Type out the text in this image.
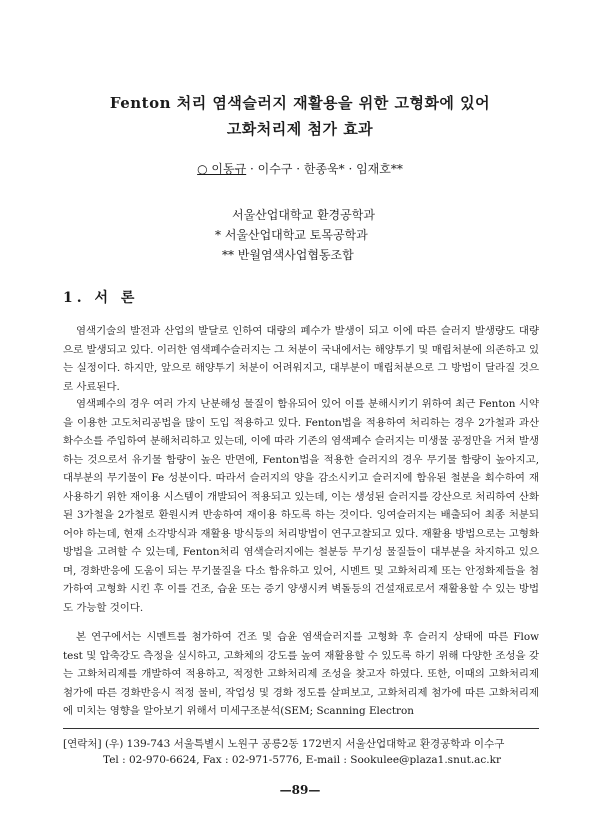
Fenton 처리 염색슬러지 재활용을 위한 고형화에 있어
고화처리제 첨가 효과
○ 이동규 · 이수구 · 한종욱* · 임재호**
서울산업대학교 환경공학과
* 서울산업대학교 토목공학과
** 반월염색사업협동조합
1. 서 론

염색기술의 발전과 산업의 발달로 인하여 대량의 폐수가 발생이 되고 이에 따른 슬러지 발생량도 대량으로 발생되고 있다. 이러한 염색폐수슬러지는 그 처분이 국내에서는 해양투기 및 매립처분에 의존하고 있는 실정이다. 하지만, 앞으로 해양투기 처분이 어려워지고, 대부분이 매립처분으로 그 방법이 달라질 것으로 사료된다.

염색폐수의 경우 여러 가지 난분해성 물질이 함유되어 있어 이를 분해시키기 위하여 최근 Fenton 시약을 이용한 고도처리공법을 많이 도입 적용하고 있다. Fenton법을 적용하여 처리하는 경우 2가철과 과산화수소를 주입하여 분해처리하고 있는데, 이에 따라 기존의 염색폐수 슬러지는 미생물 공정만을 거쳐 발생하는 것으로서 유기물 함량이 높은 반면에, Fenton법을 적용한 슬러지의 경우 무기물 함량이 높아지고, 대부분의 무기물이 Fe 성분이다. 따라서 슬러지의 양을 감소시키고 슬러지에 함유된 철분을 회수하여 재사용하기 위한 재이용 시스템이 개발되어 적용되고 있는데, 이는 생성된 슬러지를 강산으로 처리하여 산화된 3가철을 2가철로 환원시켜 반송하여 재이용 하도록 하는 것이다. 잉여슬러지는 배출되어 최종 처분되어야 하는데, 현재 소각방식과 재활용 방식등의 처리방법이 연구고찰되고 있다. 재활용 방법으로는 고형화 방법을 고려할 수 있는데, Fenton처리 염색슬러지에는 철분등 무기성 물질들이 대부분을 차지하고 있으며, 경화반응에 도움이 되는 무기물질을 다소 함유하고 있어, 시멘트 및 고화처리제 또는 안정화제들을 첨가하여 고형화 시킨 후 이를 건조, 습윤 또는 증기 양생시켜 벽돌등의 건설재료로서 재활용할 수 있는 방법도 가능할 것이다.

본 연구에서는 시멘트를 첨가하여 건조 및 습윤 염색슬러지를 고형화 후 슬러지 상태에 따른 Flow test 및 압축강도 측정을 실시하고, 고화체의 강도를 높여 재활용할 수 있도록 하기 위해 다양한 조성을 갖는 고화처리제를 개발하여 적용하고, 적정한 고화처리제 조성을 찾고자 하였다. 또한, 이때의 고화처리제 첨가에 따른 경화반응시 적정 물비, 작업성 및 경화 정도를 살펴보고, 고화처리제 첨가에 따른 고화처리제에 미치는 영향을 알아보기 위해서 미세구조분석(SEM; Scanning Electron

[연락처] (우) 139-743 서울특별시 노원구 공릉2동 172번지 서울산업대학교 환경공학과 이수구
Tel : 02-970-6624, Fax : 02-971-5776, E-mail : Sookulee@plaza1.snut.ac.kr
—89—
